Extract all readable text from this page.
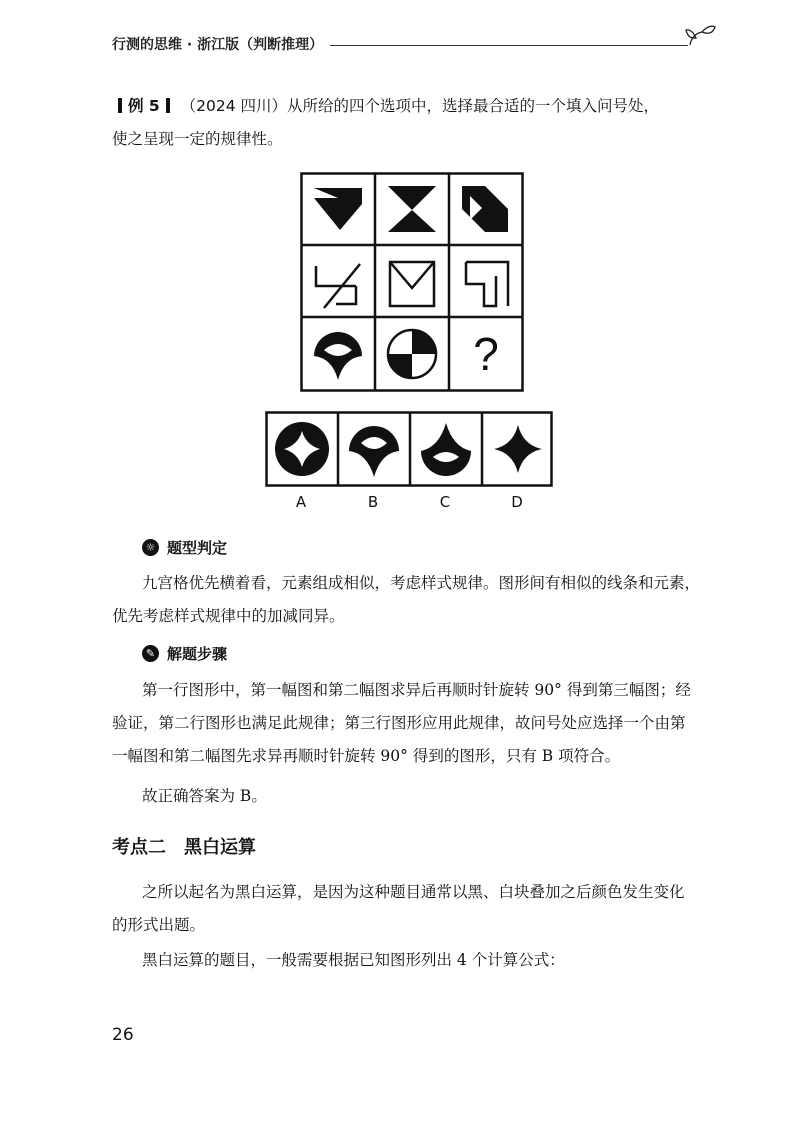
行测的思维 · 浙江版（判断推理）
例 5 （2024 四川）从所给的四个选项中，选择最合适的一个填入问号处，
使之呈现一定的规律性。
?
A	B	C	D
☼ 题型判定
九宫格优先横着看，元素组成相似，考虑样式规律。图形间有相似的线条和元素，
优先考虑样式规律中的加减同异。
✎ 解题步骤
第一行图形中，第一幅图和第二幅图求异后再顺时针旋转 90° 得到第三幅图；经
验证，第二行图形也满足此规律；第三行图形应用此规律，故问号处应选择一个由第
一幅图和第二幅图先求异再顺时针旋转 90° 得到的图形，只有 B 项符合。
故正确答案为 B。
考点二 黑白运算
之所以起名为黑白运算，是因为这种题目通常以黑、白块叠加之后颜色发生变化
的形式出题。
黑白运算的题目，一般需要根据已知图形列出 4 个计算公式：
26
